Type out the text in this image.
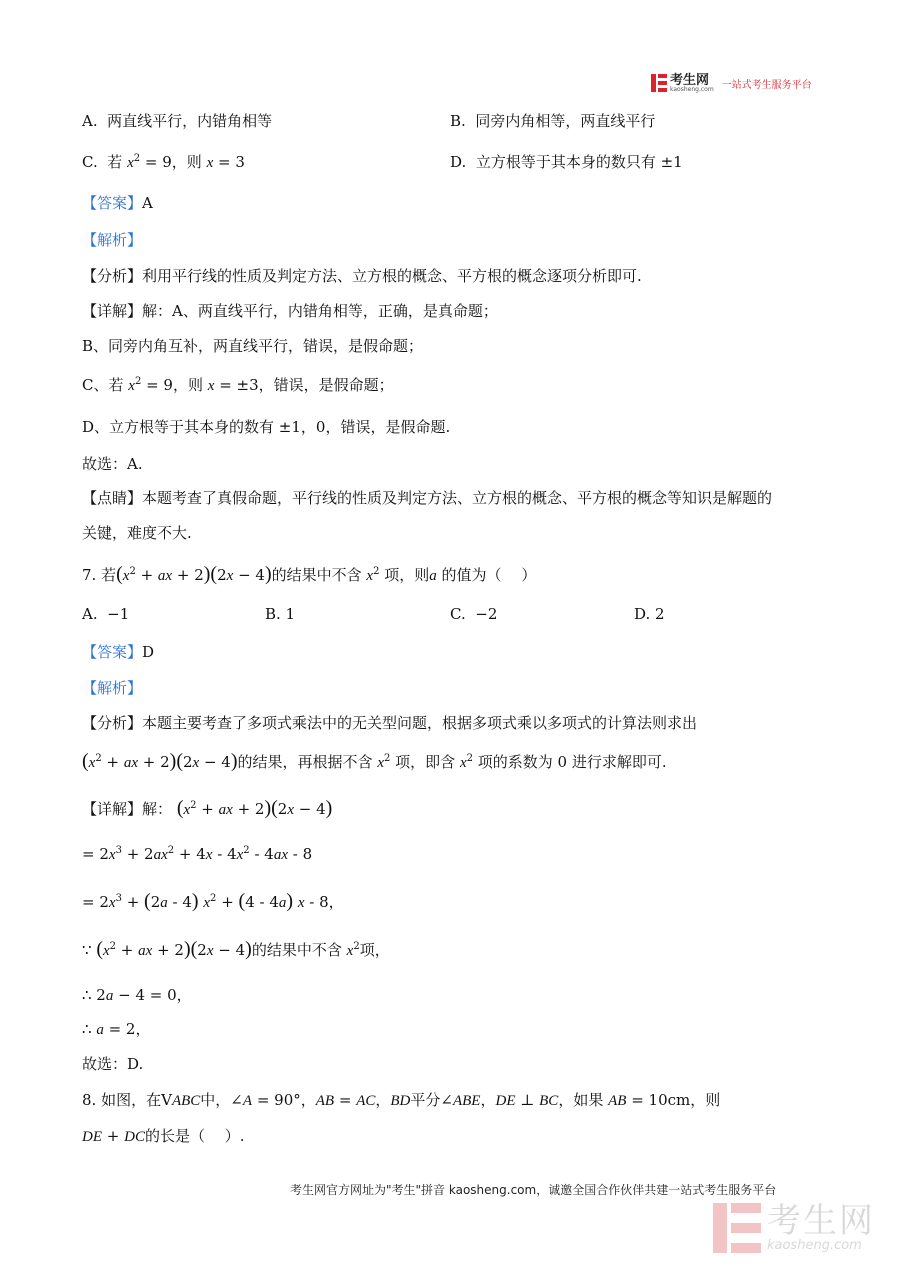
考生网
kaosheng.com 一站式考生服务平台
A. 两直线平行，内错角相等	B. 同旁内角相等，两直线平行
C. 若 $x^2 = 9$，则 x = 3	D. 立方根等于其本身的数只有 ±1
【答案】A
【解析】
【分析】利用平行线的性质及判定方法、立方根的概念、平方根的概念逐项分析即可.
【详解】解：A、两直线平行，内错角相等，正确，是真命题；
B、同旁内角互补，两直线平行，错误，是假命题；
C、若 $x^2 = 9$，则 x = ±3，错误，是假命题；
D、立方根等于其本身的数有 ±1，0，错误，是假命题.
故选：A.
【点睛】本题考查了真假命题，平行线的性质及判定方法、立方根的概念、平方根的概念等知识是解题的
关键，难度不大.
7. 若($x^2$ + ax + 2)(2x − 4)的结果中不含 $x^2$ 项，则a 的值为（　 ）
A. −1	B. 1	C. −2	D. 2
【答案】D
【解析】
【分析】本题主要考查了多项式乘法中的无关型问题，根据多项式乘以多项式的计算法则求出
($x^2$ + ax + 2)(2x − 4)的结果，再根据不含 $x^2$ 项，即含 $x^2$ 项的系数为 0 进行求解即可.
【详解】解： ($x^2$ + ax + 2)(2x − 4)
= $2x^3 + 2ax^2 + 4x - 4x^2 - 4ax - 8$
= $2x^3 + (2a - 4) x^2 + (4 - 4a)$ x - 8，
∵ ($x^2$ + ax + 2)(2x − 4)的结果中不含 $x^2$项，
∴ 2a − 4 = 0，
∴ a = 2，
故选：D.
8. 如图，在VABC中，∠A = 90°，AB = AC，BD平分∠ABE，DE ⊥ BC，如果 AB = 10cm，则
DE + DC的长是（　 ）.
考生网官方网址为"考生"拼音 kaosheng.com，诚邀全国合作伙伴共建一站式考生服务平台
考生网
kaosheng.com
